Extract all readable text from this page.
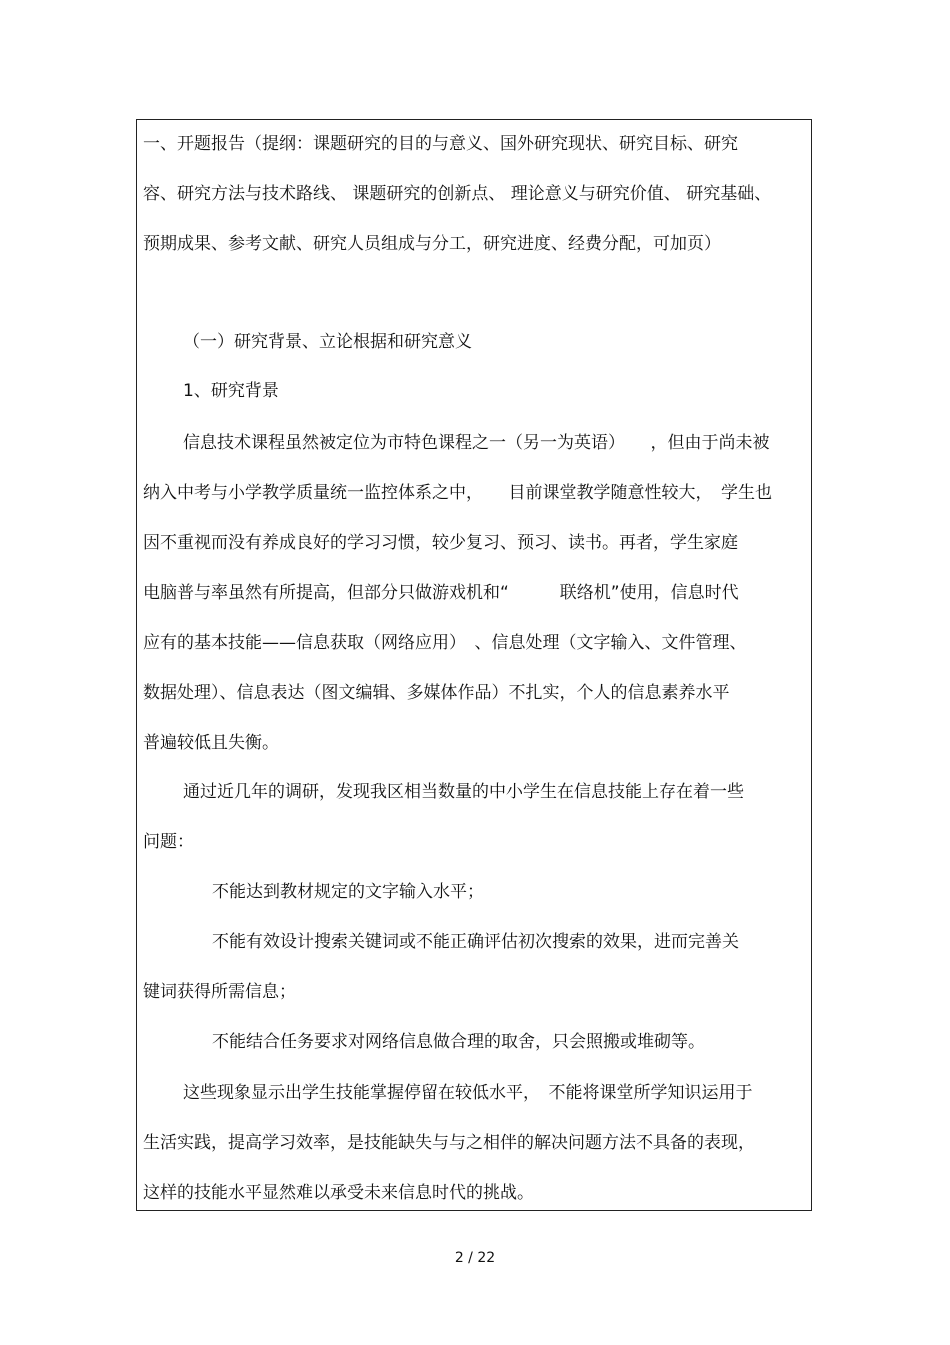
一、开题报告（提纲：课题研究的目的与意义、国外研究现状、研究目标、研究
容、研究方法与技术路线、 课题研究的创新点、 理论意义与研究价值、 研究基础、
预期成果、参考文献、研究人员组成与分工，研究进度、经费分配，可加页）
（一）研究背景、立论根据和研究意义
1、研究背景
信息技术课程虽然被定位为市特色课程之一（另一为英语）　　，但由于尚未被
纳入中考与小学教学质量统一监控体系之中，　　目前课堂教学随意性较大，　学生也
因不重视而没有养成良好的学习习惯，较少复习、预习、读书。再者，学生家庭
电脑普与率虽然有所提高，但部分只做游戏机和“　　　联络机”使用，信息时代
应有的基本技能——信息获取（网络应用）　、信息处理（文字输入、文件管理、
数据处理）、信息表达（图文编辑、多媒体作品）不扎实，个人的信息素养水平
普遍较低且失衡。
通过近几年的调研，发现我区相当数量的中小学生在信息技能上存在着一些
问题：
不能达到教材规定的文字输入水平；
不能有效设计搜索关键词或不能正确评估初次搜索的效果，进而完善关
键词获得所需信息；
不能结合任务要求对网络信息做合理的取舍，只会照搬或堆砌等。
这些现象显示出学生技能掌握停留在较低水平，　不能将课堂所学知识运用于
生活实践，提高学习效率，是技能缺失与与之相伴的解决问题方法不具备的表现，
这样的技能水平显然难以承受未来信息时代的挑战。
2 / 22
